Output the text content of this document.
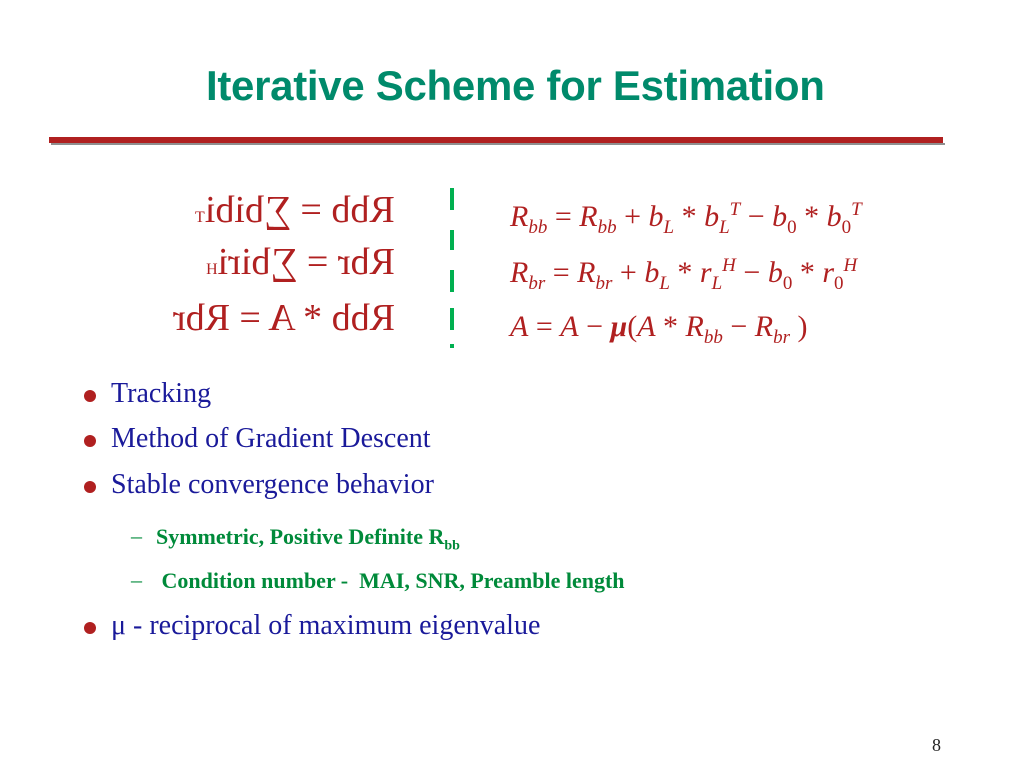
Iterative Scheme for Estimation
Rbb = ∑bibiT
Rbr = ∑biriH
Rbb * A = Rbr
$R_{bb} = R_{bb} + b_L * b_L^T - b_0 * b_0^T$
$R_{br} = R_{br} + b_L * r_L^H - b_0 * r_0^H$
$A = A - \mu(A * R_{bb} - R_{br}$ )
Tracking
Method of Gradient Descent
Stable convergence behavior
– Symmetric, Positive Definite $R_{bb}$
– Condition number -  MAI, SNR, Preamble length
μ - reciprocal of maximum eigenvalue
8
